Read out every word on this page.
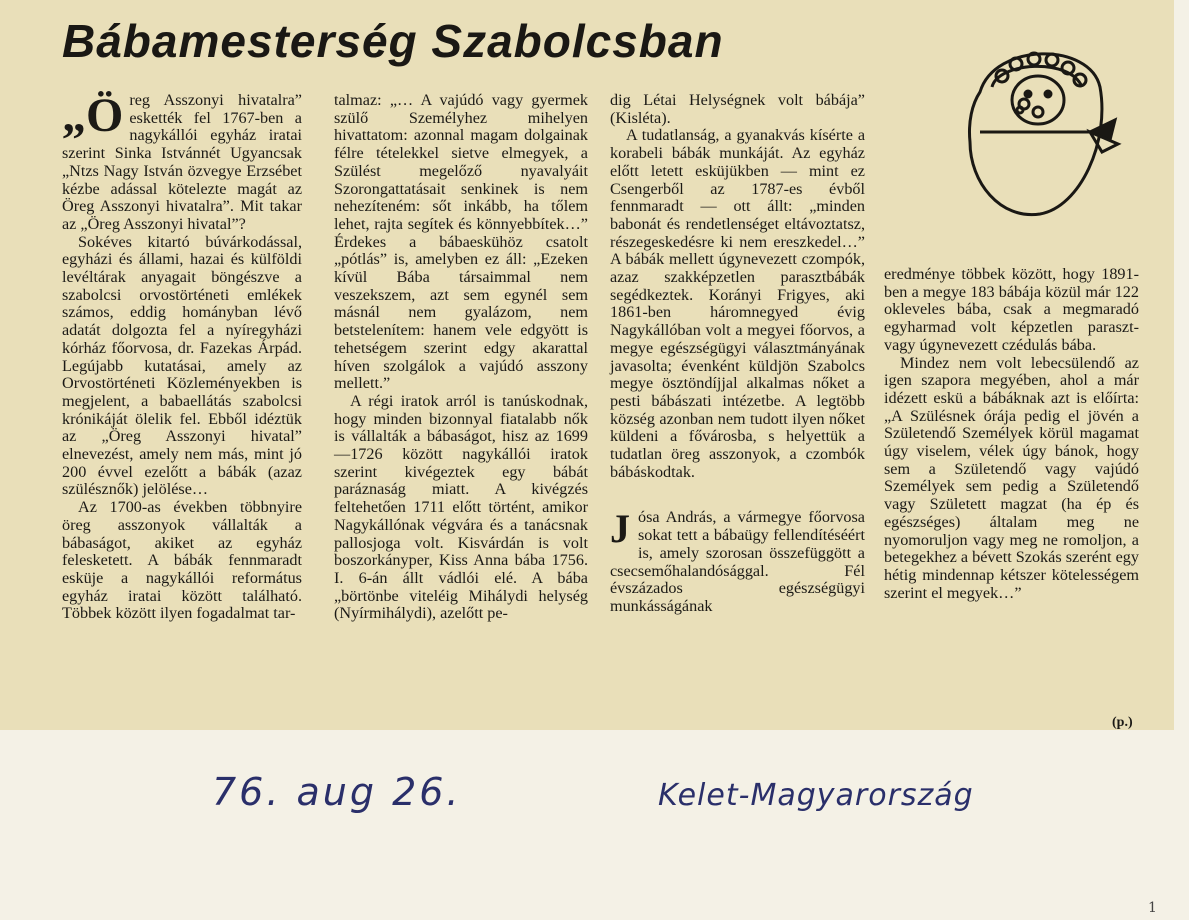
Bábamesterség Szabolcsban

„Öreg Asszonyi hivatalra” eskették fel 1767-ben a nagykállói egyház iratai szerint Sinka Istvánnét Ugyancsak „Ntzs Nagy István özvegye Erzsébet kézbe adással kötelezte magát az Öreg Asszonyi hivatalra”. Mit takar az „Öreg Asszonyi hivatal”?

Sokéves kitartó búvárkodással, egyházi és állami, hazai és külföldi levéltárak anyagait böngészve a szabolcsi orvostörténeti emlékek számos, eddig hományban lévő adatát dolgozta fel a nyíregyházi kórház főorvosa, dr. Fazekas Árpád. Legújabb kutatásai, amely az Orvostörténeti Közleményekben is megjelent, a babaellátás szabolcsi krónikáját ölelik fel. Ebből idéztük az „Öreg Asszonyi hivatal” elnevezést, amely nem más, mint jó 200 évvel ezelőtt a bábák (azaz szülésznők) jelölése…

Az 1700-as években többnyire öreg asszonyok vállalták a bábaságot, akiket az egyház felesketett. A bábák fennmaradt esküje a nagykállói református egyház iratai között található. Többek között ilyen fogadalmat tar-

talmaz: „… A vajúdó vagy gyermek szülő Személyhez mihelyen hivattatom: azonnal magam dolgainak félre tételekkel sietve elmegyek, a Szülést megelőző nyavalyáit Szorongattatásait senkinek is nem nehezíteném: sőt inkább, ha tőlem lehet, rajta segítek és könnyebbítek…” Érdekes a bábaeskühöz csatolt „pótlás” is, amelyben ez áll: „Ezeken kívül Bába társaimmal nem veszekszem, azt sem egynél sem másnál nem gyalázom, nem betstelenítem: hanem vele edgyött is tehetségem szerint edgy akarattal híven szolgálok a vajúdó asszony mellett.”

A régi iratok arról is tanúskodnak, hogy minden bizonnyal fiatalabb nők is vállalták a bábaságot, hisz az 1699—1726 között nagykállói iratok szerint kivégeztek egy bábát paráznaság miatt. A kivégzés feltehetően 1711 előtt történt, amikor Nagykállónak végvára és a tanácsnak pallosjoga volt. Kisvárdán is volt boszorkányper, Kiss Anna bába 1756. I. 6-án állt vádlói elé. A bába „börtönbe viteléig Mihálydi helység (Nyírmihálydi), azelőtt pe-

dig Létai Helységnek volt bábája” (Kisléta).

A tudatlanság, a gyanakvás kísérte a korabeli bábák munkáját. Az egyház előtt letett esküjükben — mint ez Csengerből az 1787-es évből fennmaradt — ott állt: „minden babonát és rendetlenséget eltávoztatsz, részegeskedésre ki nem ereszkedel…” A bábák mellett úgynevezett czompók, azaz szakképzetlen parasztbábák segédkeztek. Korányi Frigyes, aki 1861-ben háromnegyed évig Nagykállóban volt a megyei főorvos, a megye egészségügyi választmányának javasolta; évenként küldjön Szabolcs megye ösztöndíjjal alkalmas nőket a pesti bábászati intézetbe. A legtöbb község azonban nem tudott ilyen nőket küldeni a fővárosba, s helyettük a tudatlan öreg asszonyok, a czombók bábáskodtak.

Jósa András, a vármegye főorvosa sokat tett a bábaügy fellendítéséért is, amely szorosan összefüggött a csecsemőhalandósággal. Fél évszázados egészségügyi munkásságának

eredménye többek között, hogy 1891-ben a megye 183 bábája közül már 122 okleveles bába, csak a megmaradó egyharmad volt képzetlen paraszt- vagy úgynevezett czédulás bába.

Mindez nem volt lebecsülendő az igen szapora megyében, ahol a már idézett eskü a bábáknak azt is előírta: „A Szülésnek órája pedig el jövén a Születendő Személyek körül magamat úgy viselem, vélek úgy bánok, hogy sem a Születendő vagy vajúdó Személyek sem pedig a Születendő vagy Született magzat (ha ép és egészséges) általam meg ne nyomoruljon vagy meg ne romoljon, a betegekhez a bévett Szokás szerént egy hétig mindennap kétszer kötelességem szerint el megyek…”

(p.)
76. aug 26.	Kelet-Magyarország
1
